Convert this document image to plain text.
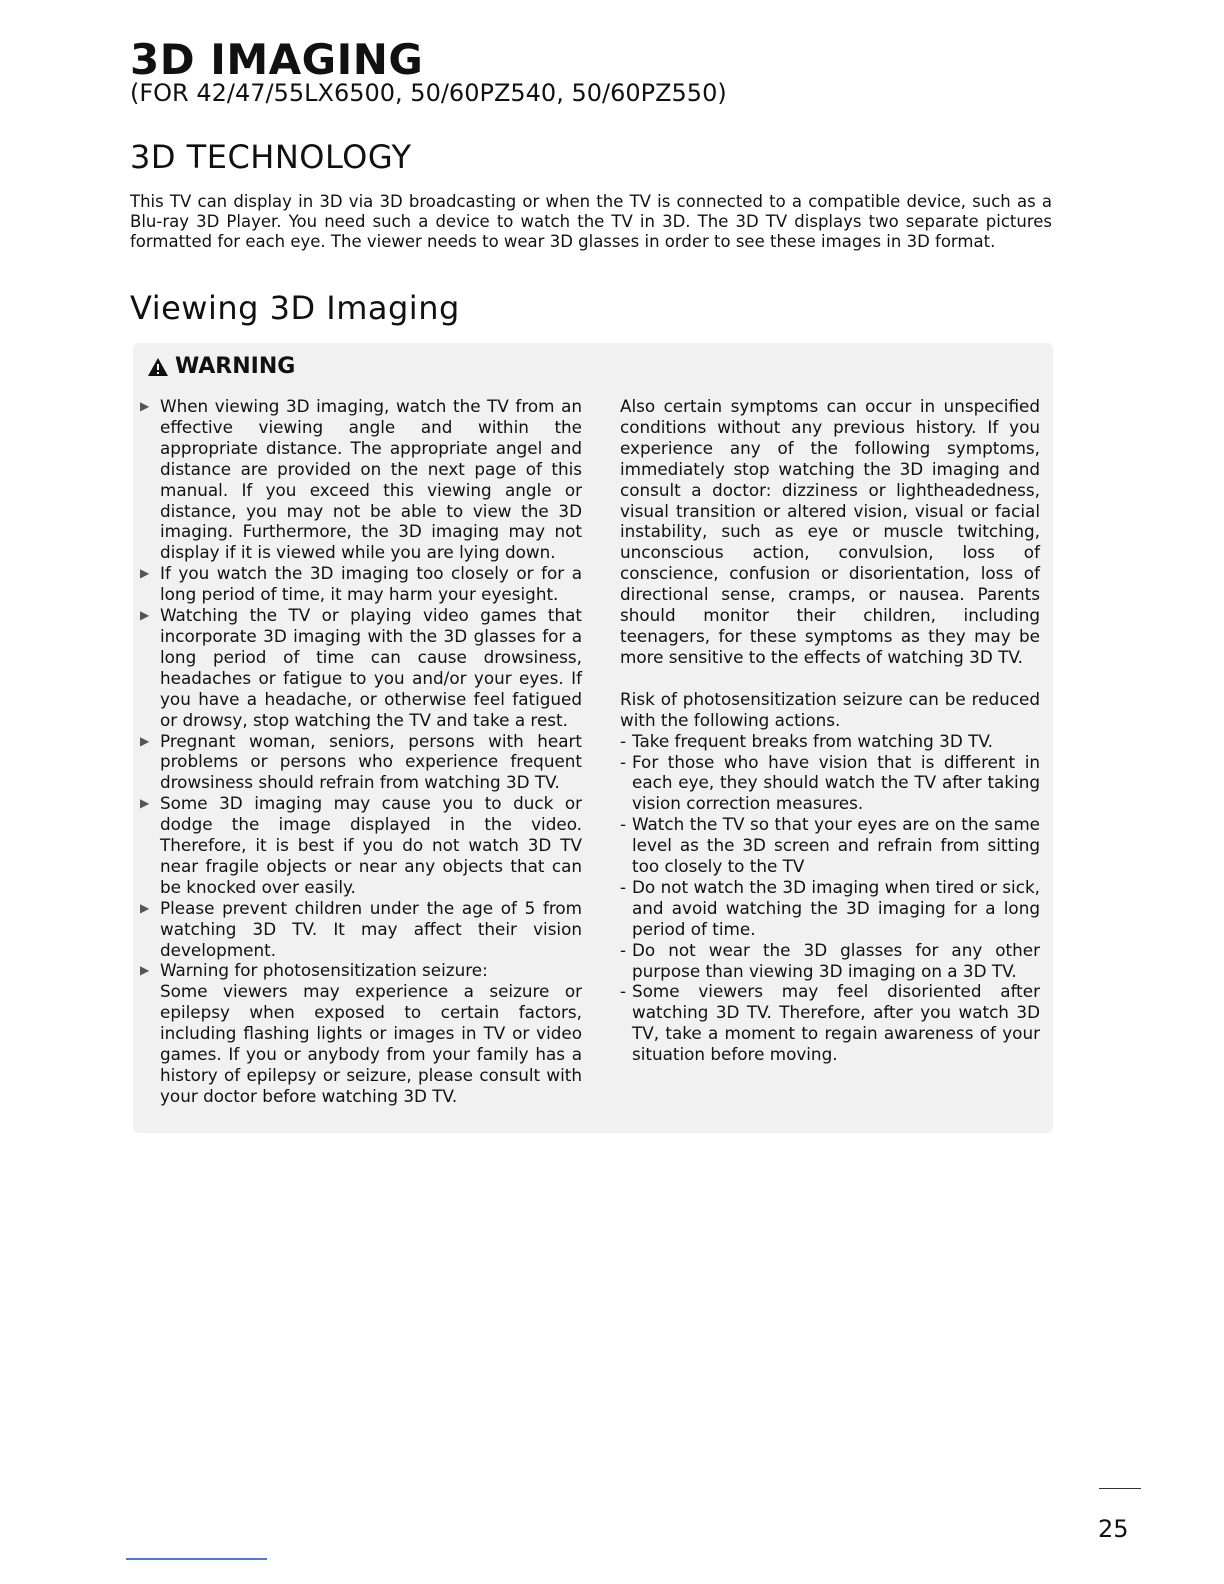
3D IMAGING
(FOR 42/47/55LX6500, 50/60PZ540, 50/60PZ550)
3D TECHNOLOGY

This TV can display in 3D via 3D broadcasting or when the TV is connected to a compatible device, such as a Blu-ray 3D Player. You need such a device to watch the TV in 3D. The 3D TV displays two separate pictures formatted for each eye. The viewer needs to wear 3D glasses in order to see these images in 3D format.

Viewing 3D Imaging
WARNING

▶ When viewing 3D imaging, watch the TV from an effective viewing angle and within the appropriate distance. The appropriate angel and distance are provided on the next page of this manual. If you exceed this viewing angle or distance, you may not be able to view the 3D imaging. Furthermore, the 3D imaging may not display if it is viewed while you are lying down.

▶ If you watch the 3D imaging too closely or for a long period of time, it may harm your eyesight.

▶ Watching the TV or playing video games that incorporate 3D imaging with the 3D glasses for a long period of time can cause drowsiness, headaches or fatigue to you and/or your eyes. If you have a headache, or otherwise feel fatigued or drowsy, stop watching the TV and take a rest.

▶ Pregnant woman, seniors, persons with heart problems or persons who experience frequent drowsiness should refrain from watching 3D TV.

▶ Some 3D imaging may cause you to duck or dodge the image displayed in the video. Therefore, it is best if you do not watch 3D TV near fragile objects or near any objects that can be knocked over easily.

▶ Please prevent children under the age of 5 from watching 3D TV. It may affect their vision development.

▶ Warning for photosensitization seizure:
Some viewers may experience a seizure or epilepsy when exposed to certain factors, including flashing lights or images in TV or video games. If you or anybody from your family has a history of epilepsy or seizure, please consult with your doctor before watching 3D TV.

Also certain symptoms can occur in unspecified conditions without any previous history. If you experience any of the following symptoms, immediately stop watching the 3D imaging and consult a doctor: dizziness or lightheadedness, visual transition or altered vision, visual or facial instability, such as eye or muscle twitching, unconscious action, convulsion, loss of conscience, confusion or disorientation, loss of directional sense, cramps, or nausea. Parents should monitor their children, including teenagers, for these symptoms as they may be more sensitive to the effects of watching 3D TV.

Risk of photosensitization seizure can be reduced with the following actions.

- Take frequent breaks from watching 3D TV.

- For those who have vision that is different in each eye, they should watch the TV after taking vision correction measures.

- Watch the TV so that your eyes are on the same level as the 3D screen and refrain from sitting too closely to the TV

- Do not watch the 3D imaging when tired or sick, and avoid watching the 3D imaging for a long period of time.

- Do not wear the 3D glasses for any other purpose than viewing 3D imaging on a 3D TV.

- Some viewers may feel disoriented after watching 3D TV. Therefore, after you watch 3D TV, take a moment to regain awareness of your situation before moving.

25
